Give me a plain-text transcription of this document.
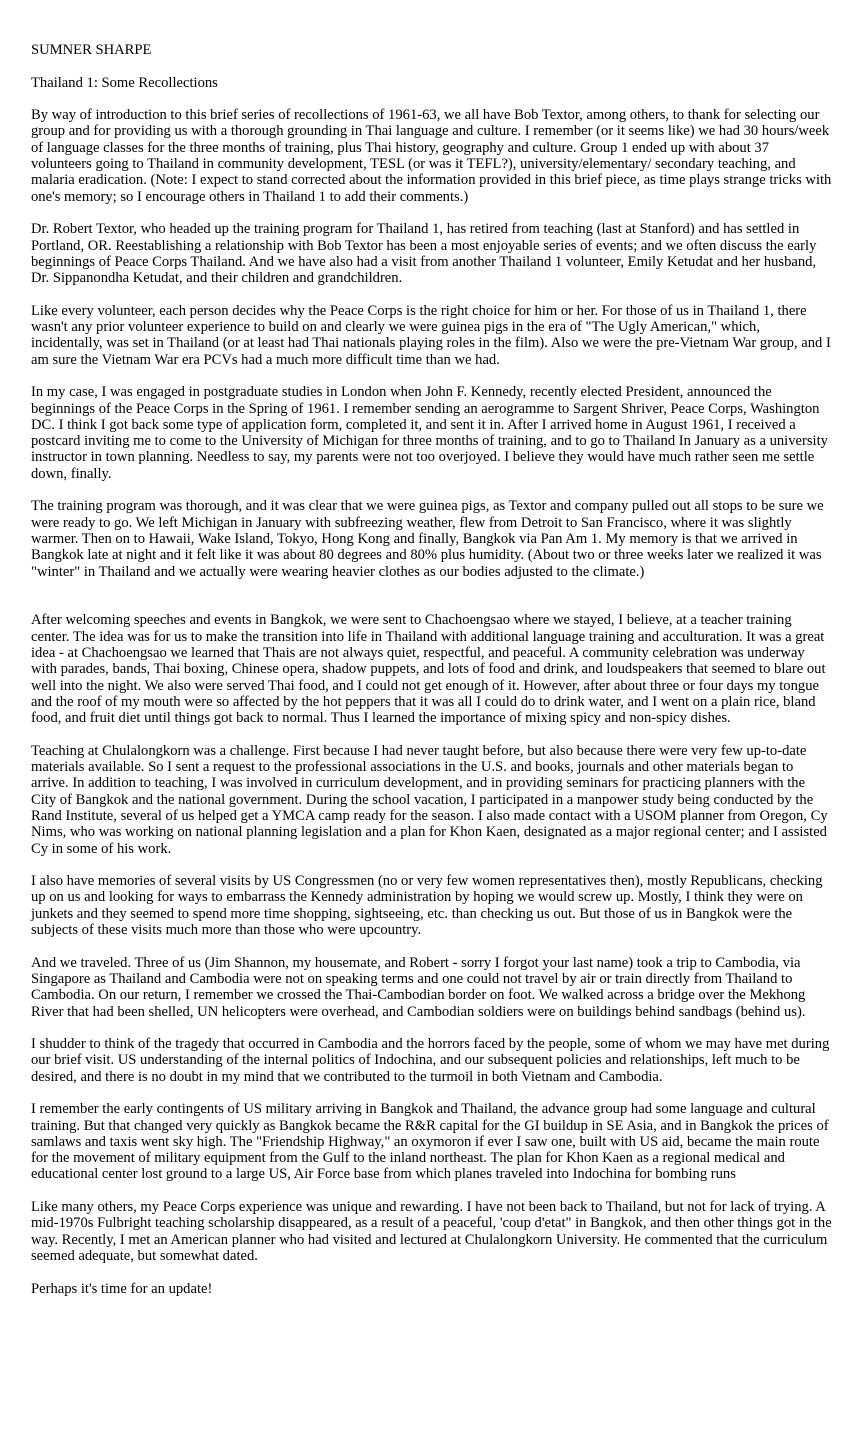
SUMNER SHARPE

Thailand 1: Some Recollections

By way of introduction to this brief series of recollections of 1961-63, we all have Bob Textor, among others, to thank for selecting our group and for providing us with a thorough grounding in Thai language and culture. I remember (or it seems like) we had 30 hours/week of language classes for the three months of training, plus Thai history, geography and culture. Group 1 ended up with about 37 volunteers going to Thailand in community development, TESL (or was it TEFL?), university/elementary/ secondary teaching, and malaria eradication. (Note: I expect to stand corrected about the information provided in this brief piece, as time plays strange tricks with one's memory; so I encourage others in Thailand 1 to add their comments.)

Dr. Robert Textor, who headed up the training program for Thailand 1, has retired from teaching (last at Stanford) and has settled in Portland, OR. Reestablishing a relationship with Bob Textor has been a most enjoyable series of events; and we often discuss the early beginnings of Peace Corps Thailand. And we have also had a visit from another Thailand 1 volunteer, Emily Ketudat and her husband, Dr. Sippanondha Ketudat, and their children and grandchildren.

Like every volunteer, each person decides why the Peace Corps is the right choice for him or her. For those of us in Thailand 1, there wasn't any prior volunteer experience to build on and clearly we were guinea pigs in the era of "The Ugly American," which, incidentally, was set in Thailand (or at least had Thai nationals playing roles in the film). Also we were the pre-Vietnam War group, and I am sure the Vietnam War era PCVs had a much more difficult time than we had.

In my case, I was engaged in postgraduate studies in London when John F. Kennedy, recently elected President, announced the beginnings of the Peace Corps in the Spring of 1961. I remember sending an aerogramme to Sargent Shriver, Peace Corps, Washington DC. I think I got back some type of application form, completed it, and sent it in. After I arrived home in August 1961, I received a postcard inviting me to come to the University of Michigan for three months of training, and to go to Thailand In January as a university instructor in town planning. Needless to say, my parents were not too overjoyed. I believe they would have much rather seen me settle down, finally.

The training program was thorough, and it was clear that we were guinea pigs, as Textor and company pulled out all stops to be sure we were ready to go. We left Michigan in January with subfreezing weather, flew from Detroit to San Francisco, where it was slightly warmer. Then on to Hawaii, Wake Island, Tokyo, Hong Kong and finally, Bangkok via Pan Am 1. My memory is that we arrived in Bangkok late at night and it felt like it was about 80 degrees and 80% plus humidity. (About two or three weeks later we realized it was "winter" in Thailand and we actually were wearing heavier clothes as our bodies adjusted to the climate.)

After welcoming speeches and events in Bangkok, we were sent to Chachoengsao where we stayed, I believe, at a teacher training center. The idea was for us to make the transition into life in Thailand with additional language training and acculturation. It was a great idea - at Chachoengsao we learned that Thais are not always quiet, respectful, and peaceful. A community celebration was underway with parades, bands, Thai boxing, Chinese opera, shadow puppets, and lots of food and drink, and loudspeakers that seemed to blare out well into the night. We also were served Thai food, and I could not get enough of it. However, after about three or four days my tongue and the roof of my mouth were so affected by the hot peppers that it was all I could do to drink water, and I went on a plain rice, bland food, and fruit diet until things got back to normal. Thus I learned the importance of mixing spicy and non-spicy dishes.

Teaching at Chulalongkorn was a challenge. First because I had never taught before, but also because there were very few up-to-date materials available. So I sent a request to the professional associations in the U.S. and books, journals and other materials began to arrive. In addition to teaching, I was involved in curriculum development, and in providing seminars for practicing planners with the City of Bangkok and the national government. During the school vacation, I participated in a manpower study being conducted by the Rand Institute, several of us helped get a YMCA camp ready for the season. I also made contact with a USOM planner from Oregon, Cy Nims, who was working on national planning legislation and a plan for Khon Kaen, designated as a major regional center; and I assisted Cy in some of his work.

I also have memories of several visits by US Congressmen (no or very few women representatives then), mostly Republicans, checking up on us and looking for ways to embarrass the Kennedy administration by hoping we would screw up. Mostly, I think they were on junkets and they seemed to spend more time shopping, sightseeing, etc. than checking us out. But those of us in Bangkok were the subjects of these visits much more than those who were upcountry.

And we traveled. Three of us (Jim Shannon, my housemate, and Robert - sorry I forgot your last name) took a trip to Cambodia, via Singapore as Thailand and Cambodia were not on speaking terms and one could not travel by air or train directly from Thailand to Cambodia. On our return, I remember we crossed the Thai-Cambodian border on foot. We walked across a bridge over the Mekhong River that had been shelled, UN helicopters were overhead, and Cambodian soldiers were on buildings behind sandbags (behind us).

I shudder to think of the tragedy that occurred in Cambodia and the horrors faced by the people, some of whom we may have met during our brief visit. US understanding of the internal politics of Indochina, and our subsequent policies and relationships, left much to be desired, and there is no doubt in my mind that we contributed to the turmoil in both Vietnam and Cambodia.

I remember the early contingents of US military arriving in Bangkok and Thailand, the advance group had some language and cultural training. But that changed very quickly as Bangkok became the R&R capital for the GI buildup in SE Asia, and in Bangkok the prices of samlaws and taxis went sky high. The "Friendship Highway," an oxymoron if ever I saw one, built with US aid, became the main route for the movement of military equipment from the Gulf to the inland northeast. The plan for Khon Kaen as a regional medical and educational center lost ground to a large US, Air Force base from which planes traveled into Indochina for bombing runs

Like many others, my Peace Corps experience was unique and rewarding. I have not been back to Thailand, but not for lack of trying. A mid-1970s Fulbright teaching scholarship disappeared, as a result of a peaceful, 'coup d'etat" in Bangkok, and then other things got in the way. Recently, I met an American planner who had visited and lectured at Chulalongkorn University. He commented that the curriculum seemed adequate, but somewhat dated.

Perhaps it's time for an update!
